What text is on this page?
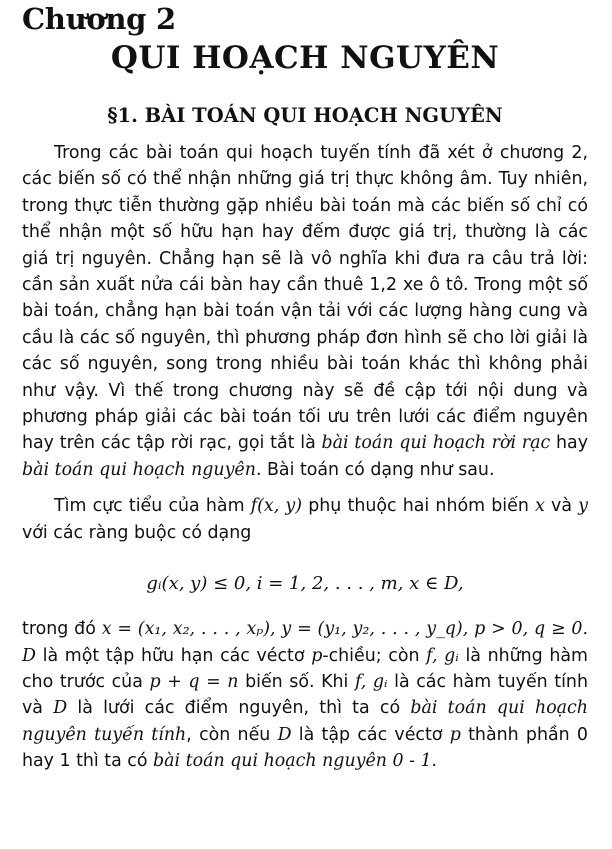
Chương 2
QUI HOẠCH NGUYÊN
§1. BÀI TOÁN QUI HOẠCH NGUYÊN

Trong các bài toán qui hoạch tuyến tính đã xét ở chương 2, các biến số có thể nhận những giá trị thực không âm. Tuy nhiên, trong thực tiễn thường gặp nhiều bài toán mà các biến số chỉ có thể nhận một số hữu hạn hay đếm được giá trị, thường là các giá trị nguyên. Chẳng hạn sẽ là vô nghĩa khi đưa ra câu trả lời: cần sản xuất nửa cái bàn hay cần thuê 1,2 xe ô tô. Trong một số bài toán, chẳng hạn bài toán vận tải với các lượng hàng cung và cầu là các số nguyên, thì phương pháp đơn hình sẽ cho lời giải là các số nguyên, song trong nhiều bài toán khác thì không phải như vậy. Vì thế trong chương này sẽ đề cập tới nội dung và phương pháp giải các bài toán tối ưu trên lưới các điểm nguyên hay trên các tập rời rạc, gọi tắt là bài toán qui hoạch rời rạc hay bài toán qui hoạch nguyên. Bài toán có dạng như sau.

Tìm cực tiểu của hàm f(x, y) phụ thuộc hai nhóm biến x và y với các ràng buộc có dạng

gᵢ(x, y) ≤ 0, i = 1, 2, . . . , m, x ∈ D,

trong đó x = (x₁, x₂, . . . , xₚ), y = (y₁, y₂, . . . , y_q), p > 0, q ≥ 0. D là một tập hữu hạn các véctơ p-chiều; còn f, gᵢ là những hàm cho trước của p + q = n biến số. Khi f, gᵢ là các hàm tuyến tính và D là lưới các điểm nguyên, thì ta có bài toán qui hoạch nguyên tuyến tính, còn nếu D là tập các véctơ p thành phần 0 hay 1 thì ta có bài toán qui hoạch nguyên 0 - 1.
